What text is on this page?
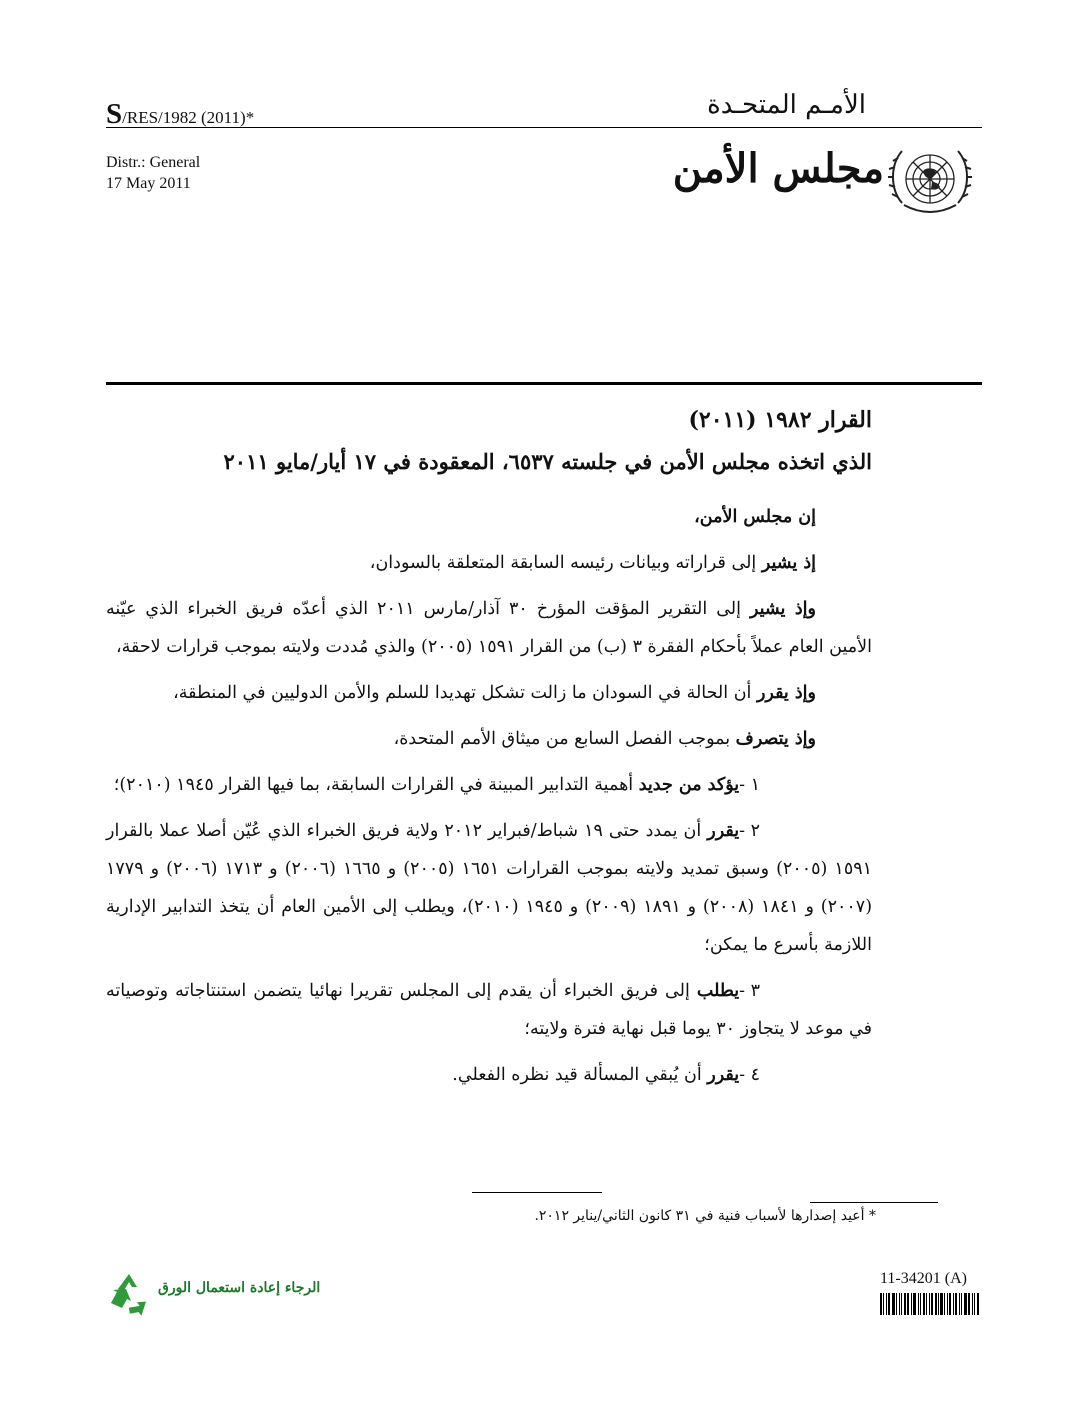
S/RES/1982 (2011)*	الأمـم المتحـدة
Distr.: General
17 May 2011	مجلس الأمن
القرار ١٩٨٢ (٢٠١١)
الذي اتخذه مجلس الأمن في جلسته ٦٥٣٧، المعقودة في ١٧ أيار/مايو ٢٠١١

إن مجلس الأمن،

إذ يشير إلى قراراته وبيانات رئيسه السابقة المتعلقة بالسودان،

وإذ يشير إلى التقرير المؤقت المؤرخ ٣٠ آذار/مارس ٢٠١١ الذي أعدّه فريق الخبراء الذي عيّنه الأمين العام عملاً بأحكام الفقرة ٣ (ب) من القرار ١٥٩١ (٢٠٠٥) والذي مُددت ولايته بموجب قرارات لاحقة،

وإذ يقرر أن الحالة في السودان ما زالت تشكل تهديدا للسلم والأمن الدوليين في المنطقة،

وإذ يتصرف بموجب الفصل السابع من ميثاق الأمم المتحدة،

١ -يؤكد من جديد أهمية التدابير المبينة في القرارات السابقة، بما فيها القرار ١٩٤٥ (٢٠١٠)؛

٢ -يقرر أن يمدد حتى ١٩ شباط/فبراير ٢٠١٢ ولاية فريق الخبراء الذي عُيّن أصلا عملا بالقرار ١٥٩١ (٢٠٠٥) وسبق تمديد ولايته بموجب القرارات ١٦٥١ (٢٠٠٥) و ١٦٦٥ (٢٠٠٦) و ١٧١٣ (٢٠٠٦) و ١٧٧٩ (٢٠٠٧) و ١٨٤١ (٢٠٠٨) و ١٨٩١ (٢٠٠٩) و ١٩٤٥ (٢٠١٠)، ويطلب إلى الأمين العام أن يتخذ التدابير الإدارية اللازمة بأسرع ما يمكن؛

٣ -يطلب إلى فريق الخبراء أن يقدم إلى المجلس تقريرا نهائيا يتضمن استنتاجاته وتوصياته في موعد لا يتجاوز ٣٠ يوما قبل نهاية فترة ولايته؛

٤ -يقرر أن يُبقي المسألة قيد نظره الفعلي.

* أعيد إصدارها لأسباب فنية في ٣١ كانون الثاني/يناير ٢٠١٢.
الرجاء إعادة استعمال الورق
11-34201 (A)
